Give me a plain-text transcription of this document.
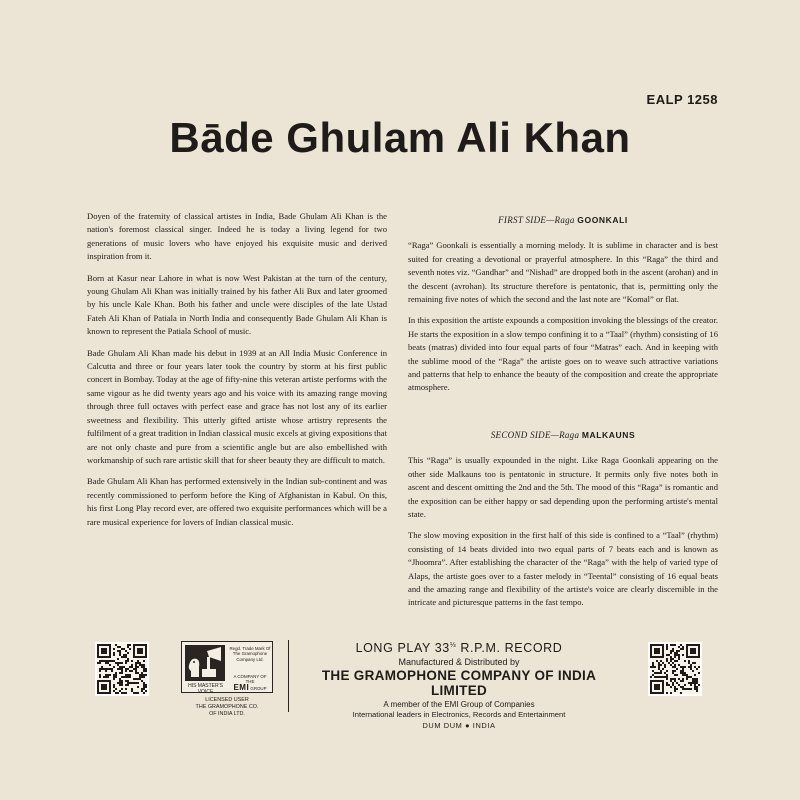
EALP 1258
Bāde Ghulam Ali Khan

Doyen of the fraternity of classical artistes in India, Bade Ghulam Ali Khan is the nation's foremost classical singer. Indeed he is today a living legend for two generations of music lovers who have enjoyed his exquisite music and derived inspiration from it.

Born at Kasur near Lahore in what is now West Pakistan at the turn of the century, young Ghulam Ali Khan was initially trained by his father Ali Bux and later groomed by his uncle Kale Khan. Both his father and uncle were disciples of the late Ustad Fateh Ali Khan of Patiala in North India and consequently Bade Ghulam Ali Khan is known to represent the Patiala School of music.

Bade Ghulam Ali Khan made his debut in 1939 at an All India Music Conference in Calcutta and three or four years later took the country by storm at his first public concert in Bombay. Today at the age of fifty-nine this veteran artiste performs with the same vigour as he did twenty years ago and his voice with its amazing range moving through three full octaves with perfect ease and grace has not lost any of its earlier sweetness and flexibility. This utterly gifted artiste whose artistry represents the fulfilment of a great tradition in Indian classical music excels at giving expositions that are not only chaste and pure from a scientific angle but are also embellished with workmanship of such rare artistic skill that for sheer beauty they are difficult to match.

Bade Ghulam Ali Khan has performed extensively in the Indian sub-continent and was recently commissioned to perform before the King of Afghanistan in Kabul. On this, his first Long Play record ever, are offered two exquisite performances which will be a rare musical experience for lovers of Indian classical music.

FIRST SIDE—Raga GOONKALI

“Raga” Goonkali is essentially a morning melody. It is sublime in character and is best suited for creating a devotional or prayerful atmosphere. In this “Raga” the third and seventh notes viz. “Gandhar” and “Nishad” are dropped both in the ascent (arohan) and in the descent (avrohan). Its structure therefore is pentatonic, that is, permitting only the remaining five notes of which the second and the last note are “Komal” or flat.

In this exposition the artiste expounds a composition invoking the blessings of the creator. He starts the exposition in a slow tempo confining it to a “Taal” (rhythm) consisting of 16 beats (matras) divided into four equal parts of four “Matras” each. And in keeping with the sublime mood of the “Raga” the artiste goes on to weave such attractive variations and patterns that help to enhance the beauty of the composition and create the appropriate atmosphere.

SECOND SIDE—Raga MALKAUNS

This “Raga” is usually expounded in the night. Like Raga Goonkali appearing on the other side Malkauns too is pentatonic in structure. It permits only five notes both in ascent and descent omitting the 2nd and the 5th. The mood of this “Raga” is romantic and the exposition can be either happy or sad depending upon the performing artiste's mental state.

The slow moving exposition in the first half of this side is confined to a “Taal” (rhythm) consisting of 14 beats divided into two equal parts of 7 beats each and is known as “Jhoomra”. After establishing the character of the “Raga” with the help of varied type of Alaps, the artiste goes over to a faster melody in “Teental” consisting of 16 equal beats and the amazing range and flexibility of the artiste's voice are clearly discernible in the intricate and picturesque patterns in the fast tempo.

HIS MASTER'S VOICE
Regd. Trade Mark Of The Gramophone Company Ltd.
A COMPANY OF THE
EMI GROUP
LICENSED USER
THE GRAMOPHONE CO.
OF INDIA LTD.
LONG PLAY $33^{\frac{1}{3}}$ R.P.M. RECORD
Manufactured & Distributed by
THE GRAMOPHONE COMPANY OF INDIA LIMITED
A member of the EMI Group of Companies
International leaders in Electronics, Records and Entertainment
DUM DUM ● INDIA
